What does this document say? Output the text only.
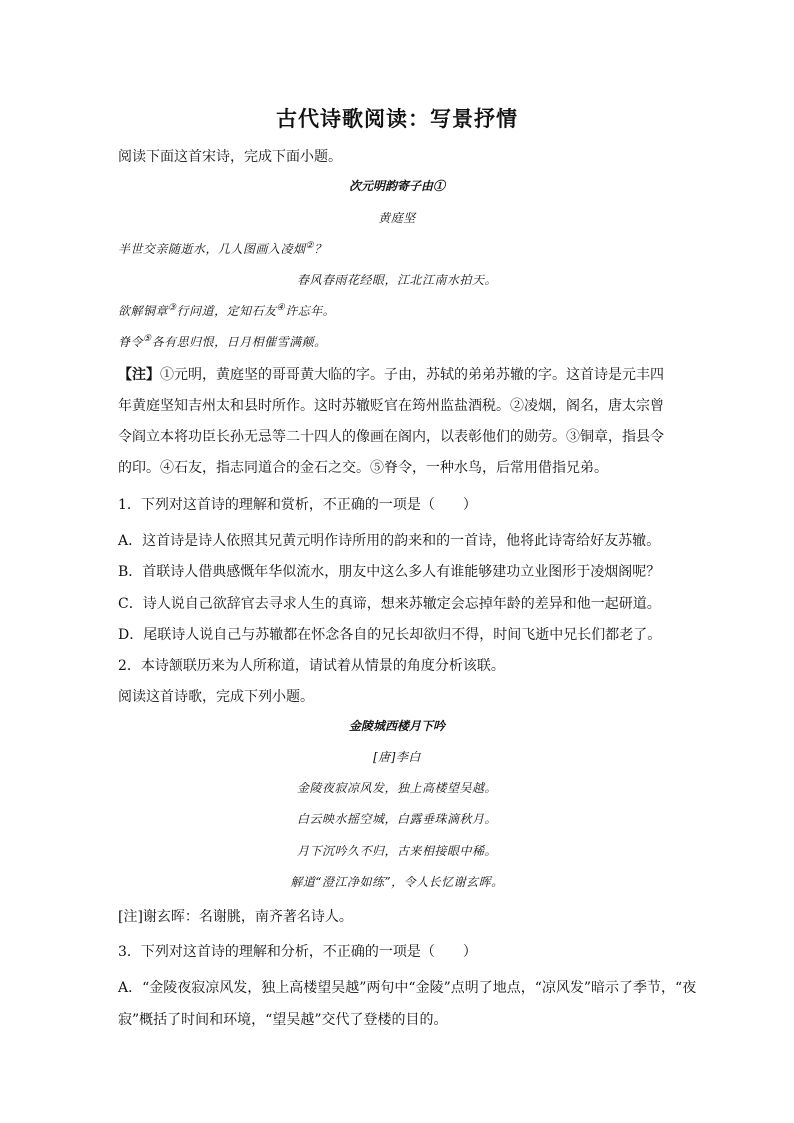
古代诗歌阅读：写景抒情
阅读下面这首宋诗，完成下面小题。
次元明韵寄子由①
黄庭坚
半世交亲随逝水，几人图画入凌烟②？
春风春雨花经眼，江北江南水拍天。
欲解铜章③行问道，定知石友④许忘年。
脊令⑤各有思归恨，日月相催雪满颠。
【注】①元明，黄庭坚的哥哥黄大临的字。子由，苏轼的弟弟苏辙的字。这首诗是元丰四
年黄庭坚知吉州太和县时所作。这时苏辙贬官在筠州监盐酒税。②凌烟，阁名，唐太宗曾
令阎立本将功臣长孙无忌等二十四人的像画在阁内，以表彰他们的勋劳。③铜章，指县令
的印。④石友，指志同道合的金石之交。⑤脊令，一种水鸟，后常用借指兄弟。
1．下列对这首诗的理解和赏析，不正确的一项是（　　）
A．这首诗是诗人依照其兄黄元明作诗所用的韵来和的一首诗，他将此诗寄给好友苏辙。
B．首联诗人借典感慨年华似流水，朋友中这么多人有谁能够建功立业图形于凌烟阁呢？
C．诗人说自己欲辞官去寻求人生的真谛，想来苏辙定会忘掉年龄的差异和他一起研道。
D．尾联诗人说自己与苏辙都在怀念各自的兄长却欲归不得，时间飞逝中兄长们都老了。
2．本诗颔联历来为人所称道，请试着从情景的角度分析该联。
阅读这首诗歌，完成下列小题。
金陵城西楼月下吟
[唐]李白
金陵夜寂凉风发，独上高楼望吴越。
白云映水摇空城，白露垂珠滴秋月。
月下沉吟久不归，古来相接眼中稀。
解道“澄江净如练”，令人长忆谢玄晖。
[注]谢玄晖：名谢朓，南齐著名诗人。
3．下列对这首诗的理解和分析，不正确的一项是（　　）
A．“金陵夜寂凉风发，独上高楼望吴越”两句中“金陵”点明了地点，“凉风发”暗示了季节，“夜
寂”概括了时间和环境，“望吴越”交代了登楼的目的。
